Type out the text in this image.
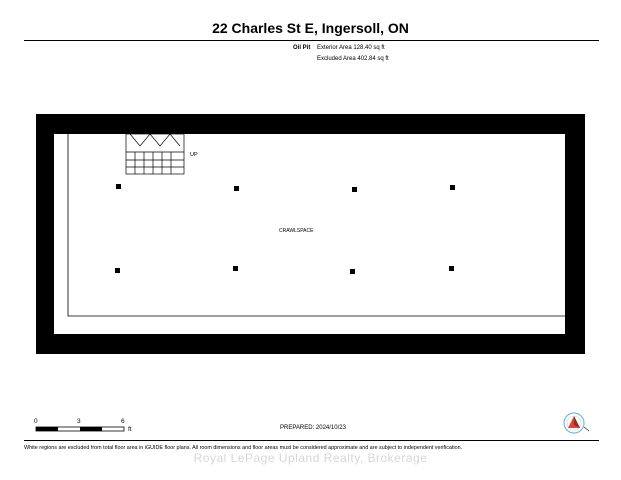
22 Charles St E, Ingersoll, ON
Oil Pit Exterior Area 128.40 sq ft
Excluded Area 402.84 sq ft
UP
CRAWLSPACE
0	3	6
ft	PREPARED: 2024/10/23
White regions are excluded from total floor area in iGUIDE floor plans. All room dimensions and floor areas must be considered approximate and are subject to independent verification.
Royal LePage Upland Realty, Brokerage
